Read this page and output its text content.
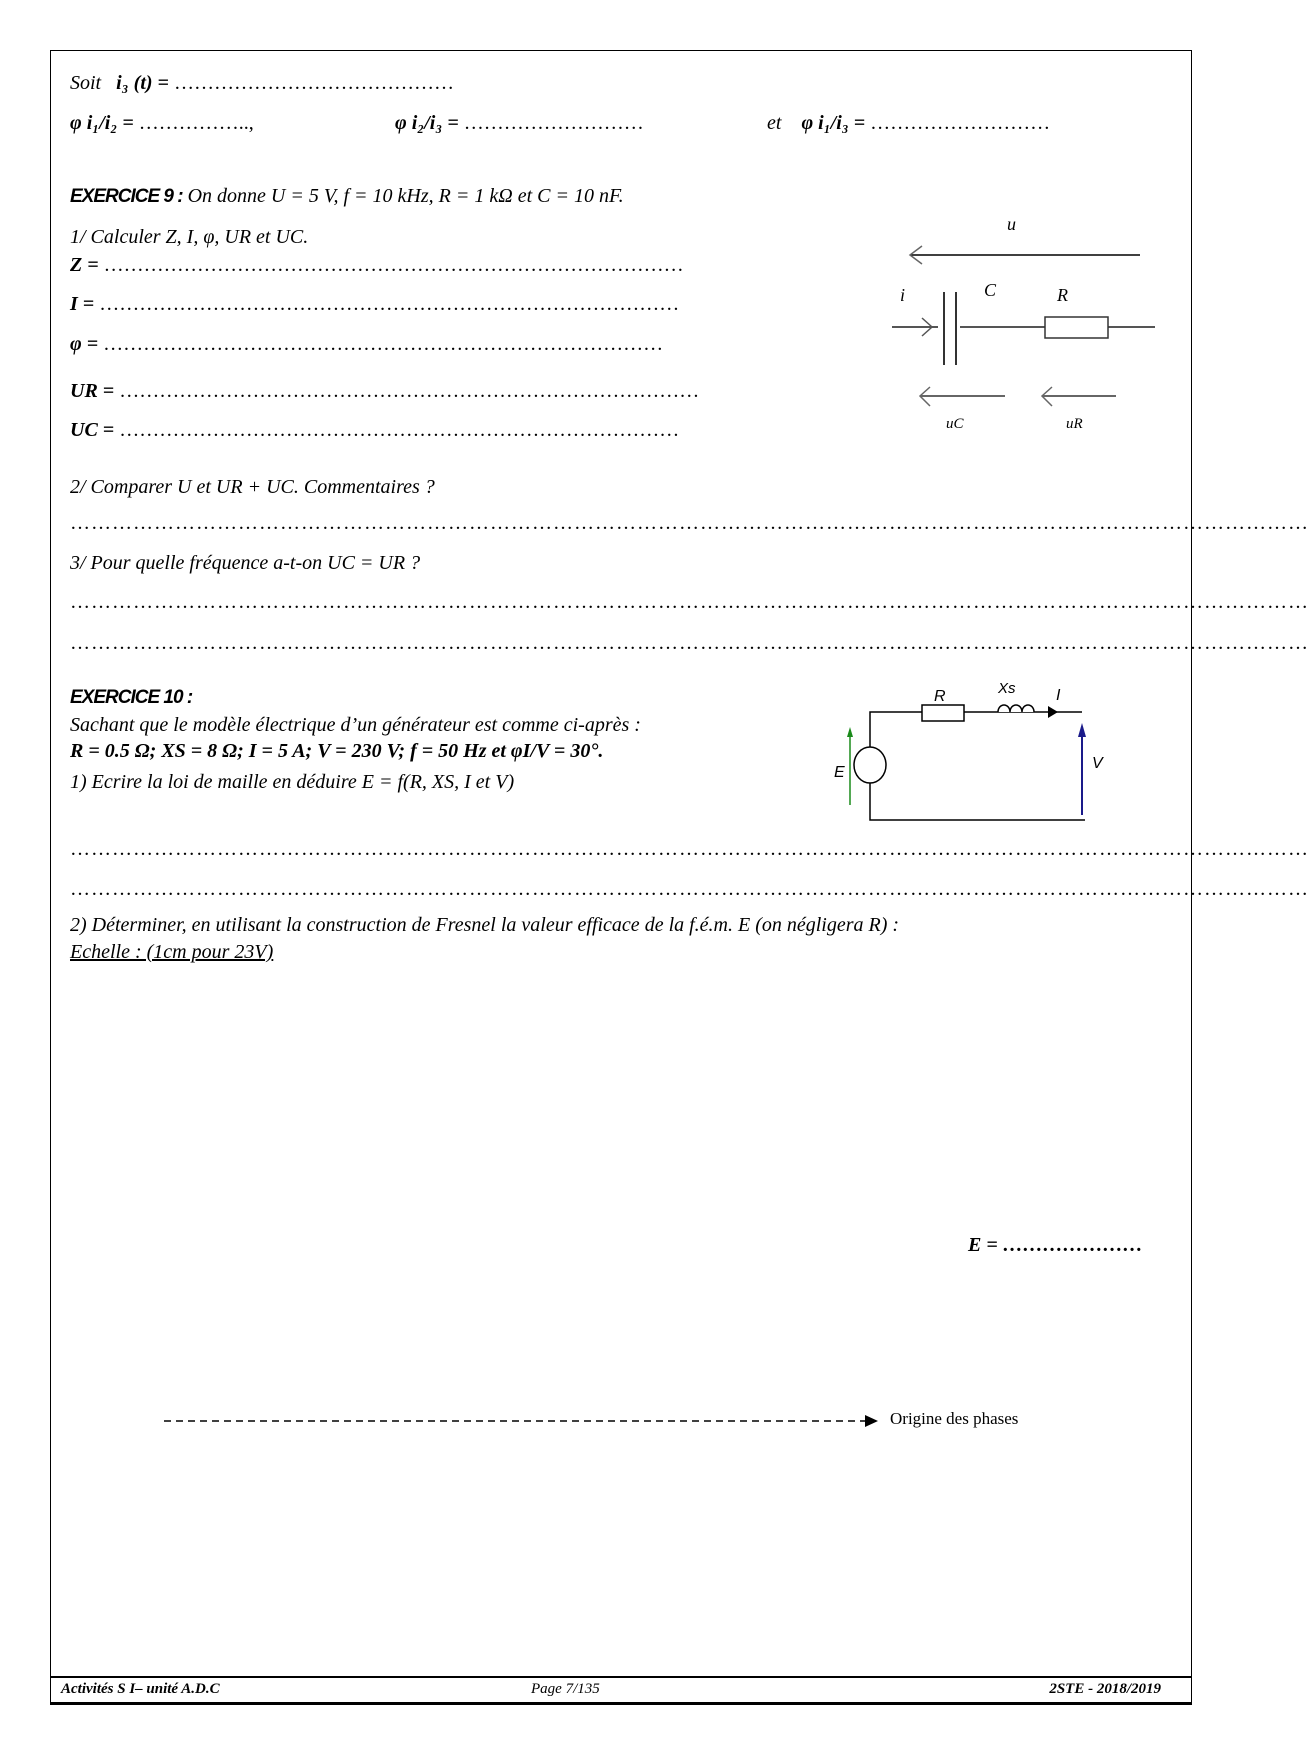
Soit i₃ (t) = ……………………………………
φ i₁/i₂ = ……………..,	φ i₂/i₃ = ………………………	et φ i₁/i₃ = ………………………
EXERCICE 9 : On donne U = 5 V, f = 10 kHz, R = 1 kΩ et C = 10 nF.
1/ Calculer Z, I, φ, UR et UC.
Z = ……………………………………………………………………………
I = ……………………………………………………………………………
φ = …………………………………………………………………………
UR = ……………………………………………………………………………
UC = …………………………………………………………………………
2/ Comparer U et UR + UC. Commentaires ?
……………………………………………………………………………………………………………………………………………………………
3/ Pour quelle fréquence a-t-on UC = UR ?
……………………………………………………………………………………………………………………………………………………………
……………………………………………………………………………………………………………………………………………………………
u
i	C	R
uC	uR
EXERCICE 10 :
Sachant que le modèle électrique d’un générateur est comme ci-après :
R = 0.5 Ω; XS = 8 Ω; I = 5 A; V = 230 V; f = 50 Hz et φI/V = 30°.
1) Ecrire la loi de maille en déduire E = f(R, XS, I et V)
……………………………………………………………………………………………………………………………………………………………
……………………………………………………………………………………………………………………………………………………………
2) Déterminer, en utilisant la construction de Fresnel la valeur efficace de la f.é.m. E (on négligera R) :
Echelle : (1cm pour 23V)
R	Xs	I
E
V
E = …………………
Origine des phases
Activités S I– unité A.D.C	Page 7/135	2STE - 2018/2019
